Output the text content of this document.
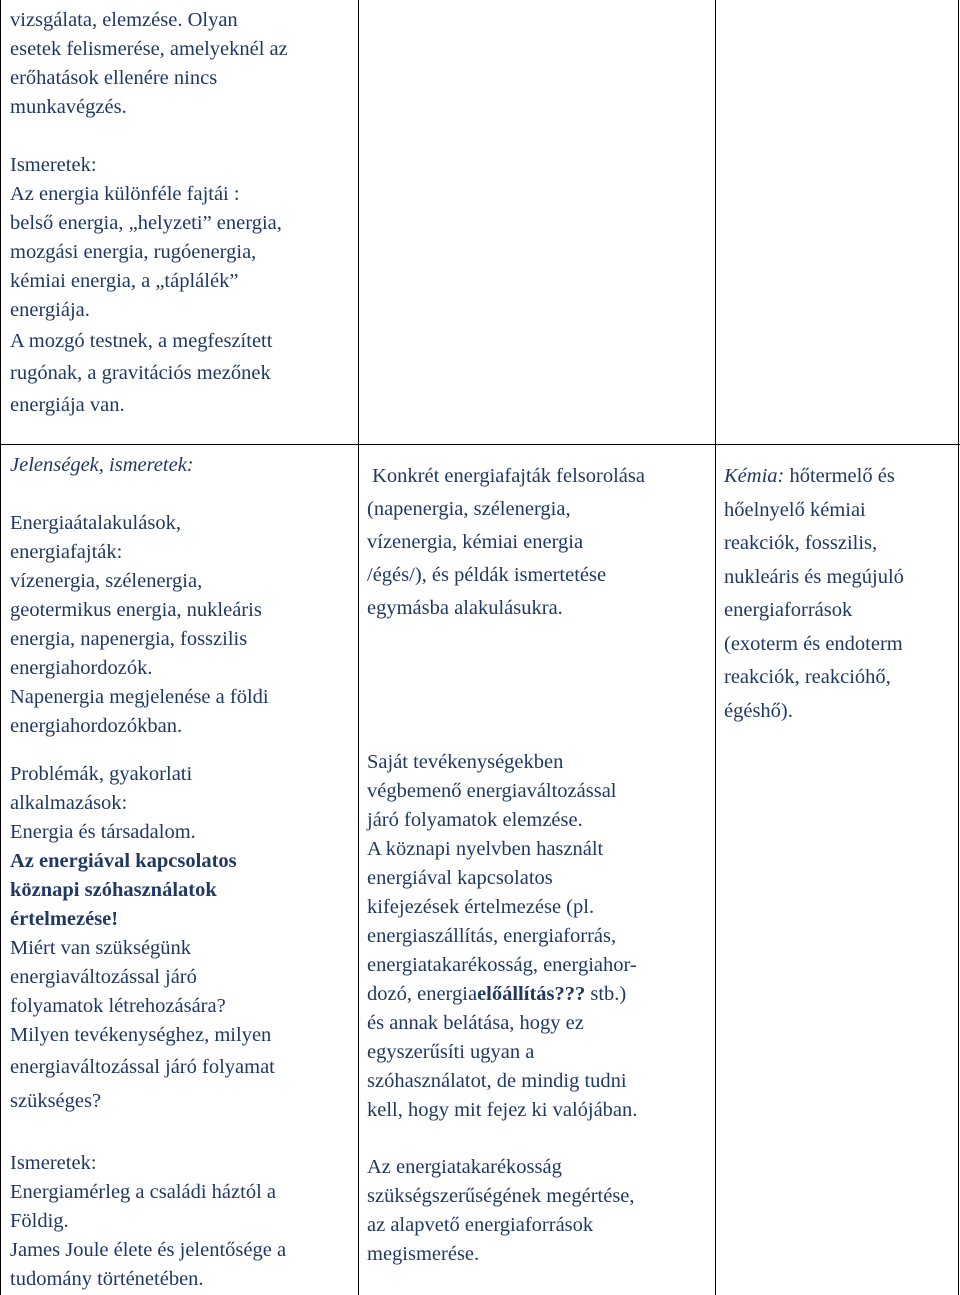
vizsgálata, elemzése. Olyan

esetek felismerése, amelyeknél az

erőhatások ellenére nincs

munkavégzés.

Ismeretek:

Az energia különféle fajtái :

belső energia, „helyzeti” energia,

mozgási energia, rugóenergia,

kémiai energia, a „táplálék”

energiája.

A mozgó testnek, a megfeszített

rugónak, a gravitációs mezőnek

energiája van.

Jelenségek, ismeretek:

Energiaátalakulások,

energiafajták:

vízenergia, szélenergia,

geotermikus energia, nukleáris

energia, napenergia, fosszilis

energiahordozók.

Napenergia megjelenése a földi

energiahordozókban.

Konkrét energiafajták felsorolása

(napenergia, szélenergia,

vízenergia, kémiai energia

/égés/), és példák ismertetése

egymásba alakulásukra.

Kémia: hőtermelő és

hőelnyelő kémiai

reakciók, fosszilis,

nukleáris és megújuló

energiaforrások

(exoterm és endoterm

reakciók, reakcióhő,

égéshő).

Problémák, gyakorlati

alkalmazások:

Energia és társadalom.

Az energiával kapcsolatos

köznapi szóhasználatok

értelmezése!

Miért van szükségünk

energiaváltozással járó

folyamatok létrehozására?

Milyen tevékenységhez, milyen

energiaváltozással járó folyamat

szükséges?

Saját tevékenységekben

végbemenő energiaváltozással

járó folyamatok elemzése.

A köznapi nyelvben használt

energiával kapcsolatos

kifejezések értelmezése (pl.

energiaszállítás, energiaforrás,

energiatakarékosság, energiahor-

dozó, energiaelőállítás??? stb.)

és annak belátása, hogy ez

egyszerűsíti ugyan a

szóhasználatot, de mindig tudni

kell, hogy mit fejez ki valójában.

Ismeretek:

Energiamérleg a családi háztól a

Földig.

James Joule élete és jelentősége a

tudomány történetében.

Az energiatakarékosság

szükségszerűségének megértése,

az alapvető energiaforrások

megismerése.
